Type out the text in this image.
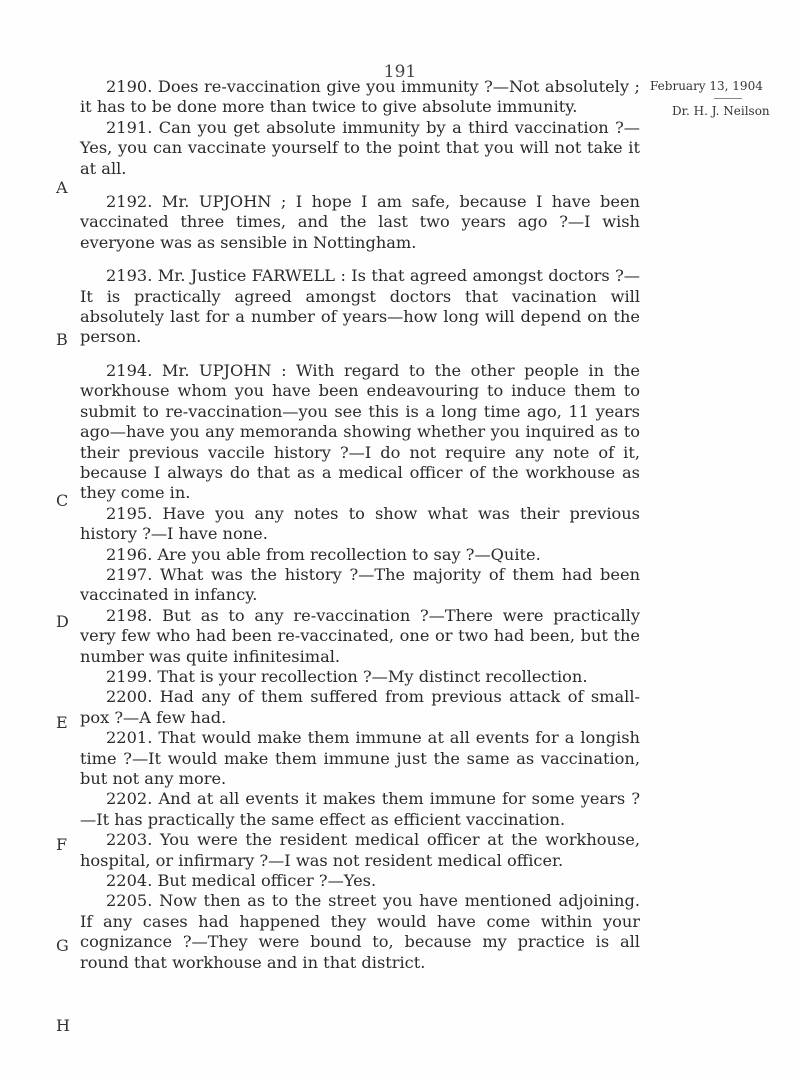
191
February 13, 1904
Dr. H. J. Neilson
A
B
C
D
E
F
G
H

2190. Does re-vaccination give you immunity ?—Not absolutely ; it has to be done more than twice to give absolute immunity.

2191. Can you get absolute immunity by a third vaccination ?—Yes, you can vaccinate yourself to the point that you will not take it at all.

2192. Mr. UPJOHN ; I hope I am safe, because I have been vaccinated three times, and the last two years ago ?—I wish everyone was as sensible in Nottingham.

2193. Mr. Justice FARWELL : Is that agreed amongst doctors ?—It is practically agreed amongst doctors that vacination will absolutely last for a number of years—how long will depend on the person.

2194. Mr. UPJOHN : With regard to the other people in the workhouse whom you have been endeavouring to induce them to submit to re-vaccination—you see this is a long time ago, 11 years ago—have you any memoranda showing whether you inquired as to their previous vaccile history ?—I do not require any note of it, because I always do that as a medical officer of the workhouse as they come in.

2195. Have you any notes to show what was their previous history ?—I have none.

2196. Are you able from recollection to say ?—Quite.

2197. What was the history ?—The majority of them had been vaccinated in infancy.

2198. But as to any re-vaccination ?—There were practically very few who had been re-vaccinated, one or two had been, but the number was quite infinitesimal.

2199. That is your recollection ?—My distinct recollection.

2200. Had any of them suffered from previous attack of small-pox ?—A few had.

2201. That would make them immune at all events for a longish time ?—It would make them immune just the same as vaccination, but not any more.

2202. And at all events it makes them immune for some years ?—It has practically the same effect as efficient vaccination.

2203. You were the resident medical officer at the workhouse, hospital, or infirmary ?—I was not resident medical officer.

2204. But medical officer ?—Yes.

2205. Now then as to the street you have mentioned adjoining. If any cases had happened they would have come within your cognizance ?—They were bound to, because my practice is all round that workhouse and in that district.
